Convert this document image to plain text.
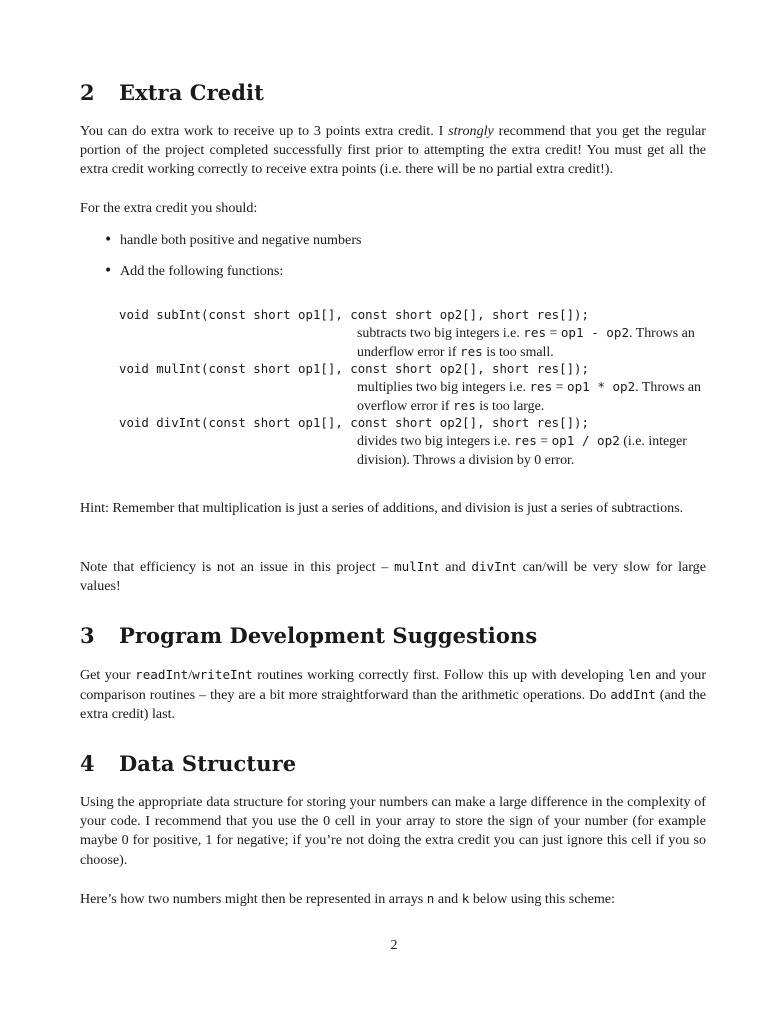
2 Extra Credit

You can do extra work to receive up to 3 points extra credit. I strongly recommend that you get the regular portion of the project completed successfully first prior to attempting the extra credit! You must get all the extra credit working correctly to receive extra points (i.e. there will be no partial extra credit!).

For the extra credit you should:

• handle both positive and negative numbers
• Add the following functions:
void subInt(const short op1[], const short op2[], short res[]);
subtracts two big integers i.e. res = op1 - op2. Throws an underflow error if res is too small.
void mulInt(const short op1[], const short op2[], short res[]);
multiplies two big integers i.e. res = op1 * op2. Throws an overflow error if res is too large.
void divInt(const short op1[], const short op2[], short res[]);
divides two big integers i.e. res = op1 / op2 (i.e. integer division). Throws a division by 0 error.

Hint: Remember that multiplication is just a series of additions, and division is just a series of subtractions.

Note that efficiency is not an issue in this project – mulInt and divInt can/will be very slow for large values!

3 Program Development Suggestions

Get your readInt/writeInt routines working correctly first. Follow this up with developing len and your comparison routines – they are a bit more straightforward than the arithmetic operations. Do addInt (and the extra credit) last.

4 Data Structure

Using the appropriate data structure for storing your numbers can make a large difference in the complexity of your code. I recommend that you use the 0 cell in your array to store the sign of your number (for example maybe 0 for positive, 1 for negative; if you’re not doing the extra credit you can just ignore this cell if you so choose).

Here’s how two numbers might then be represented in arrays n and k below using this scheme:

2
